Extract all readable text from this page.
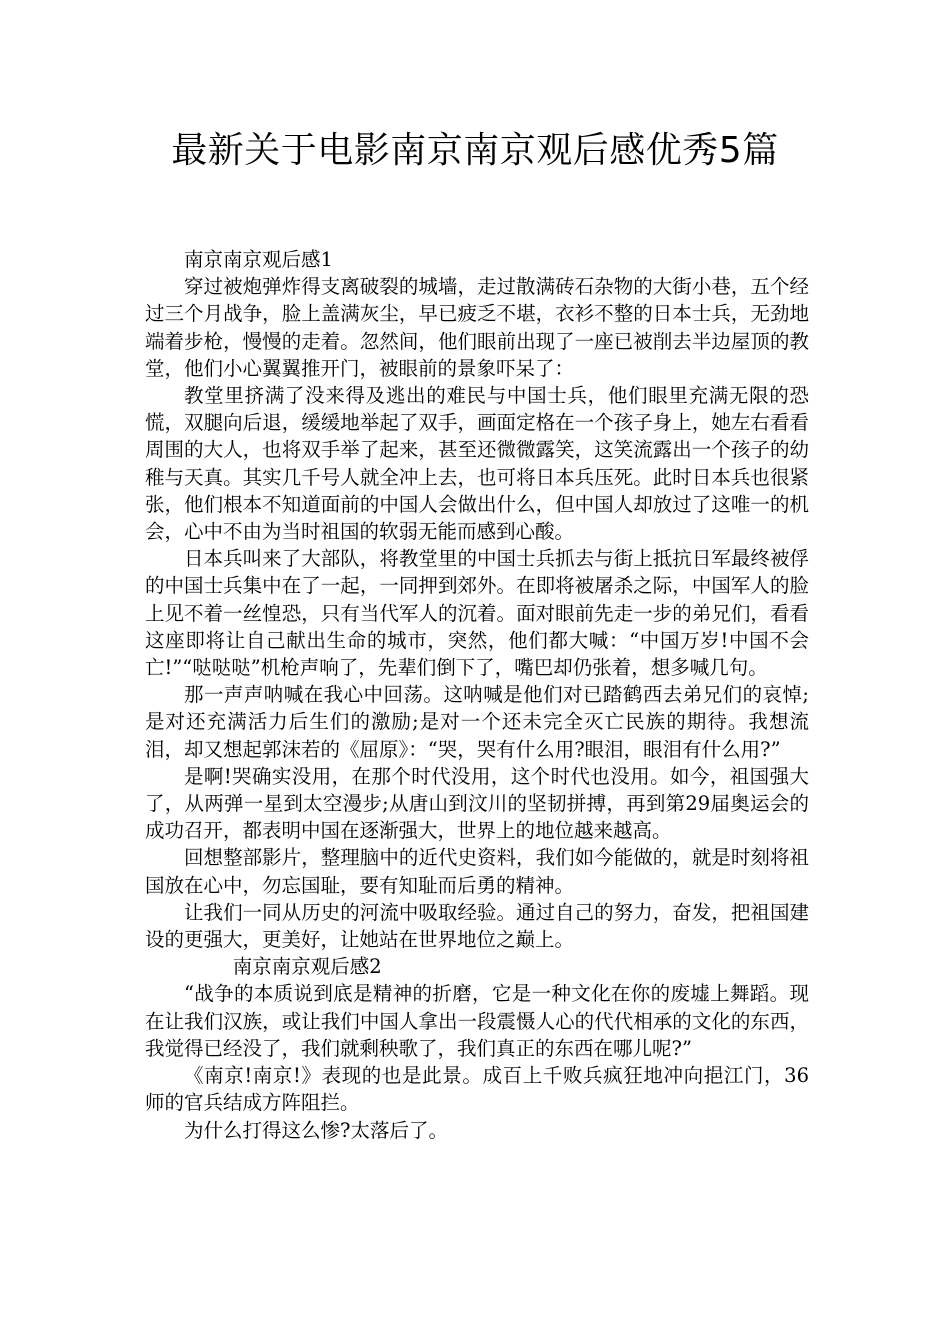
最新关于电影南京南京观后感优秀5篇

南京南京观后感1

穿过被炮弹炸得支离破裂的城墙，走过散满砖石杂物的大街小巷，五个经过三个月战争，脸上盖满灰尘，早已疲乏不堪，衣衫不整的日本士兵，无劲地端着步枪，慢慢的走着。忽然间，他们眼前出现了一座已被削去半边屋顶的教堂，他们小心翼翼推开门，被眼前的景象吓呆了：

教堂里挤满了没来得及逃出的难民与中国士兵，他们眼里充满无限的恐慌，双腿向后退，缓缓地举起了双手，画面定格在一个孩子身上，她左右看看周围的大人，也将双手举了起来，甚至还微微露笑，这笑流露出一个孩子的幼稚与天真。其实几千号人就全冲上去，也可将日本兵压死。此时日本兵也很紧张，他们根本不知道面前的中国人会做出什么，但中国人却放过了这唯一的机会，心中不由为当时祖国的软弱无能而感到心酸。

日本兵叫来了大部队，将教堂里的中国士兵抓去与街上抵抗日军最终被俘的中国士兵集中在了一起，一同押到郊外。在即将被屠杀之际，中国军人的脸上见不着一丝惶恐，只有当代军人的沉着。面对眼前先走一步的弟兄们，看看这座即将让自己献出生命的城市，突然，他们都大喊：“中国万岁!中国不会亡!”“哒哒哒”机枪声响了，先辈们倒下了，嘴巴却仍张着，想多喊几句。

那一声声呐喊在我心中回荡。这呐喊是他们对已踏鹤西去弟兄们的哀悼;是对还充满活力后生们的激励;是对一个还未完全灭亡民族的期待。我想流泪，却又想起郭沫若的《屈原》：“哭，哭有什么用?眼泪，眼泪有什么用?”

是啊!哭确实没用，在那个时代没用，这个时代也没用。如今，祖国强大了，从两弹一星到太空漫步;从唐山到汶川的坚韧拼搏，再到第29届奥运会的成功召开，都表明中国在逐渐强大，世界上的地位越来越高。

回想整部影片，整理脑中的近代史资料，我们如今能做的，就是时刻将祖国放在心中，勿忘国耻，要有知耻而后勇的精神。

让我们一同从历史的河流中吸取经验。通过自己的努力，奋发，把祖国建设的更强大，更美好，让她站在世界地位之巅上。

南京南京观后感2

“战争的本质说到底是精神的折磨，它是一种文化在你的废墟上舞蹈。现在让我们汉族，或让我们中国人拿出一段震慑人心的代代相承的文化的东西，我觉得已经没了，我们就剩秧歌了，我们真正的东西在哪儿呢?”

《南京!南京!》表现的也是此景。成百上千败兵疯狂地冲向挹江门，36师的官兵结成方阵阻拦。

为什么打得这么惨?太落后了。
